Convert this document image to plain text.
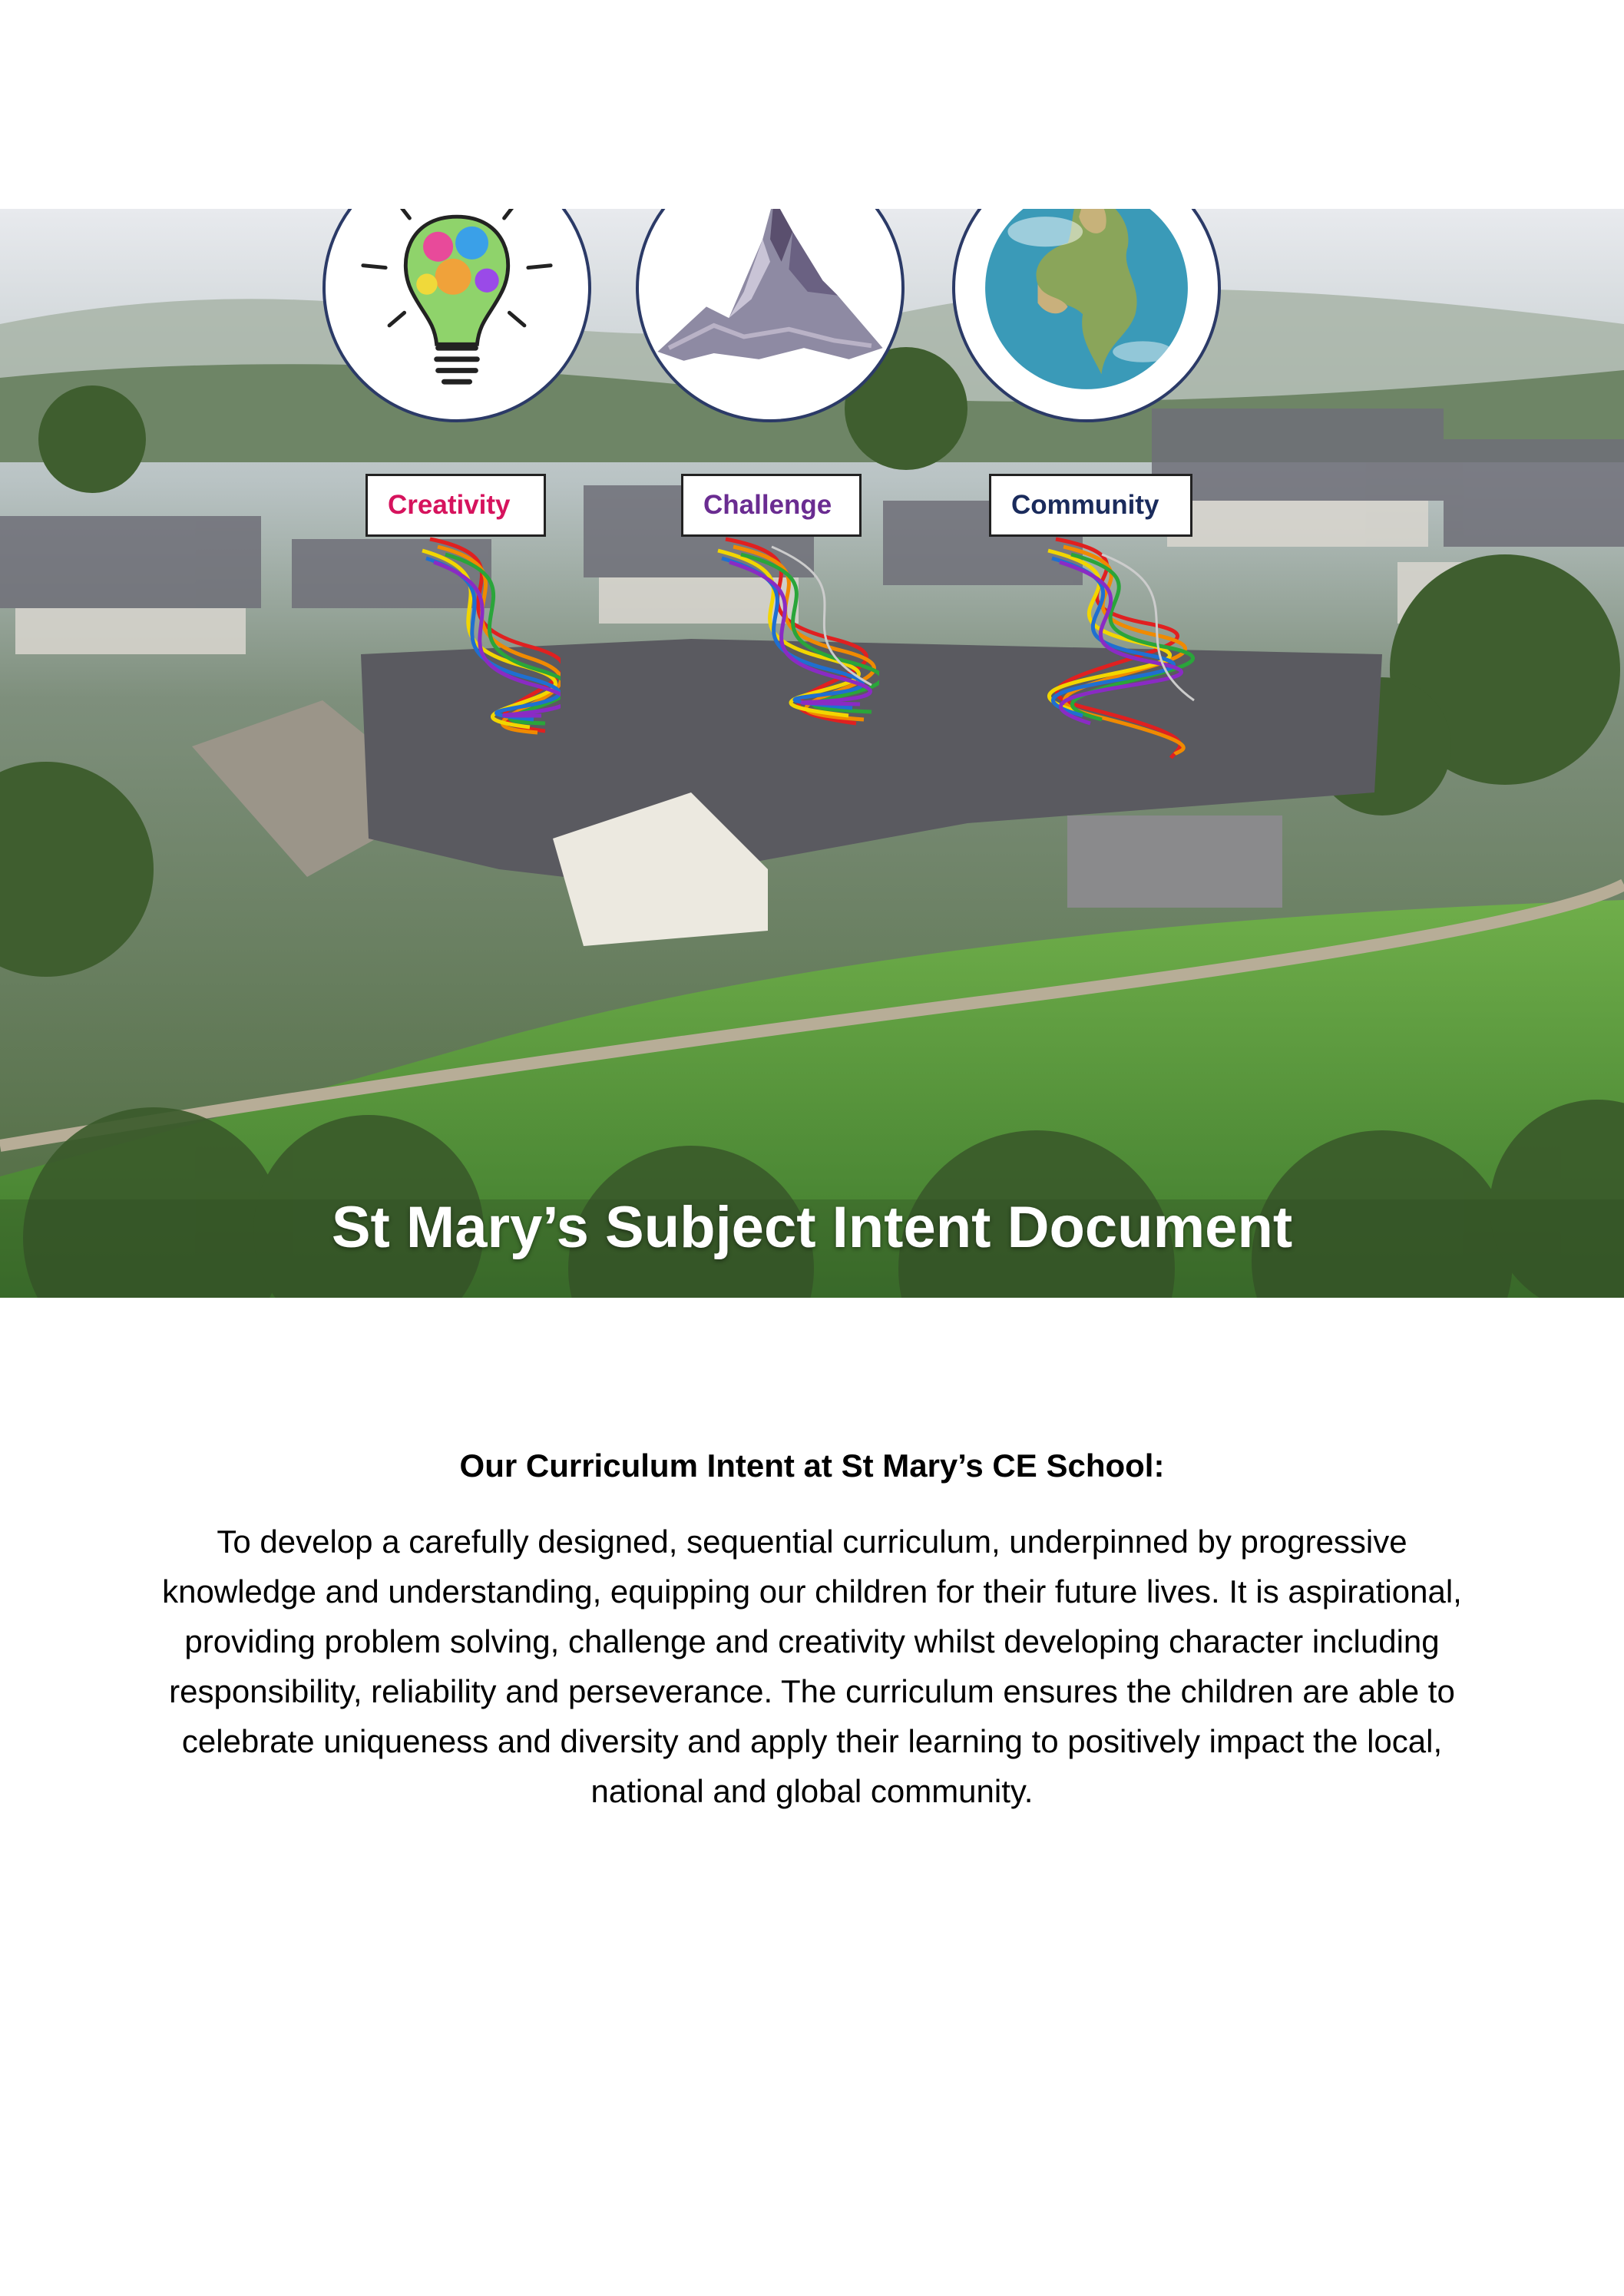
Creativity	Challenge	Community
St Mary’s Subject Intent Document
Our Curriculum Intent at St Mary’s CE School:

To develop a carefully designed, sequential curriculum, underpinned by progressive knowledge and understanding, equipping our children for their future lives. It is aspirational, providing problem solving, challenge and creativity whilst developing character including responsibility, reliability and perseverance. The curriculum ensures the children are able to celebrate uniqueness and diversity and apply their learning to positively impact the local, national and global community.
